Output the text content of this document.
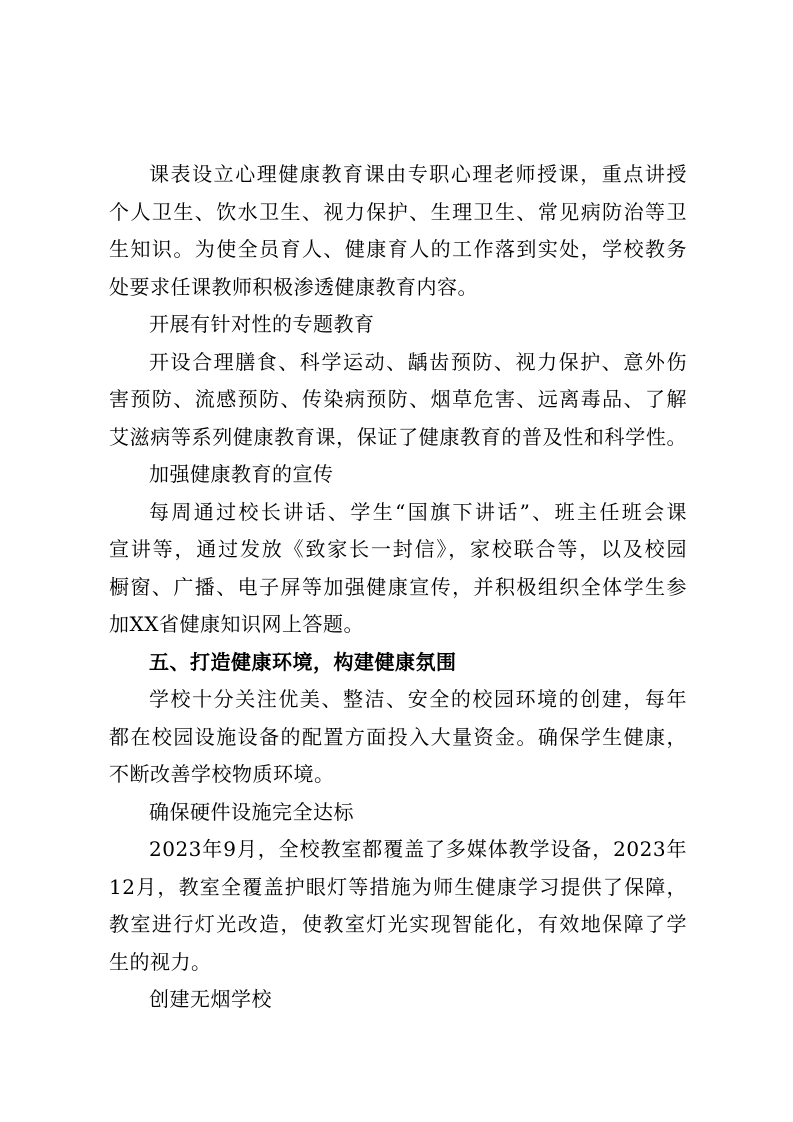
课表设立心理健康教育课由专职心理老师授课，重点讲授
个人卫生、饮水卫生、视力保护、生理卫生、常见病防治等卫
生知识。为使全员育人、健康育人的工作落到实处，学校教务
处要求任课教师积极渗透健康教育内容。
开展有针对性的专题教育
开设合理膳食、科学运动、龋齿预防、视力保护、意外伤
害预防、流感预防、传染病预防、烟草危害、远离毒品、了解
艾滋病等系列健康教育课，保证了健康教育的普及性和科学性。
加强健康教育的宣传
每周通过校长讲话、学生“国旗下讲话”、班主任班会课
宣讲等，通过发放《致家长一封信》，家校联合等，以及校园
橱窗、广播、电子屏等加强健康宣传，并积极组织全体学生参
加XX省健康知识网上答题。
五、打造健康环境，构建健康氛围
学校十分关注优美、整洁、安全的校园环境的创建，每年
都在校园设施设备的配置方面投入大量资金。确保学生健康，
不断改善学校物质环境。
确保硬件设施完全达标
2023年9月，全校教室都覆盖了多媒体教学设备，2023年
12月，教室全覆盖护眼灯等措施为师生健康学习提供了保障，
教室进行灯光改造，使教室灯光实现智能化，有效地保障了学
生的视力。
创建无烟学校
